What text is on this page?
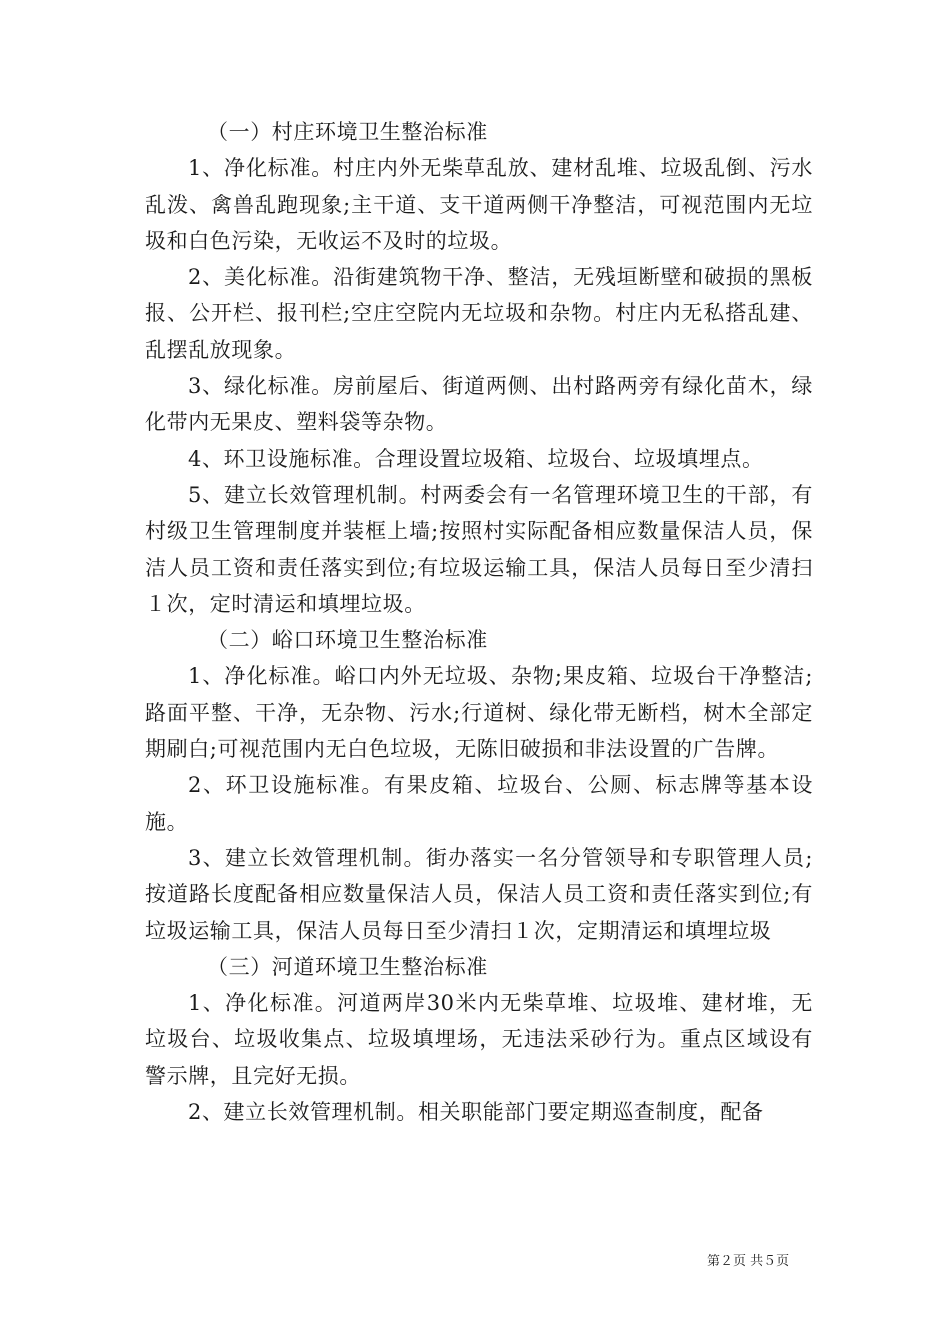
（一）村庄环境卫生整治标准

1、净化标准。村庄内外无柴草乱放、建材乱堆、垃圾乱倒、污水乱泼、禽兽乱跑现象;主干道、支干道两侧干净整洁，可视范围内无垃圾和白色污染，无收运不及时的垃圾。

2、美化标准。沿街建筑物干净、整洁，无残垣断壁和破损的黑板报、公开栏、报刊栏;空庄空院内无垃圾和杂物。村庄内无私搭乱建、乱摆乱放现象。

3、绿化标准。房前屋后、街道两侧、出村路两旁有绿化苗木，绿化带内无果皮、塑料袋等杂物。

4、环卫设施标准。合理设置垃圾箱、垃圾台、垃圾填埋点。

5、建立长效管理机制。村两委会有一名管理环境卫生的干部，有村级卫生管理制度并装框上墙;按照村实际配备相应数量保洁人员，保洁人员工资和责任落实到位;有垃圾运输工具，保洁人员每日至少清扫１次，定时清运和填埋垃圾。

（二）峪口环境卫生整治标准

1、净化标准。峪口内外无垃圾、杂物;果皮箱、垃圾台干净整洁;路面平整、干净，无杂物、污水;行道树、绿化带无断档，树木全部定期刷白;可视范围内无白色垃圾，无陈旧破损和非法设置的广告牌。

2、环卫设施标准。有果皮箱、垃圾台、公厕、标志牌等基本设施。

3、建立长效管理机制。街办落实一名分管领导和专职管理人员;按道路长度配备相应数量保洁人员，保洁人员工资和责任落实到位;有垃圾运输工具，保洁人员每日至少清扫１次，定期清运和填埋垃圾

（三）河道环境卫生整治标准

1、净化标准。河道两岸30米内无柴草堆、垃圾堆、建材堆，无垃圾台、垃圾收集点、垃圾填埋场，无违法采砂行为。重点区域设有警示牌，且完好无损。

2、建立长效管理机制。相关职能部门要定期巡查制度，配备

第２页 共５页
